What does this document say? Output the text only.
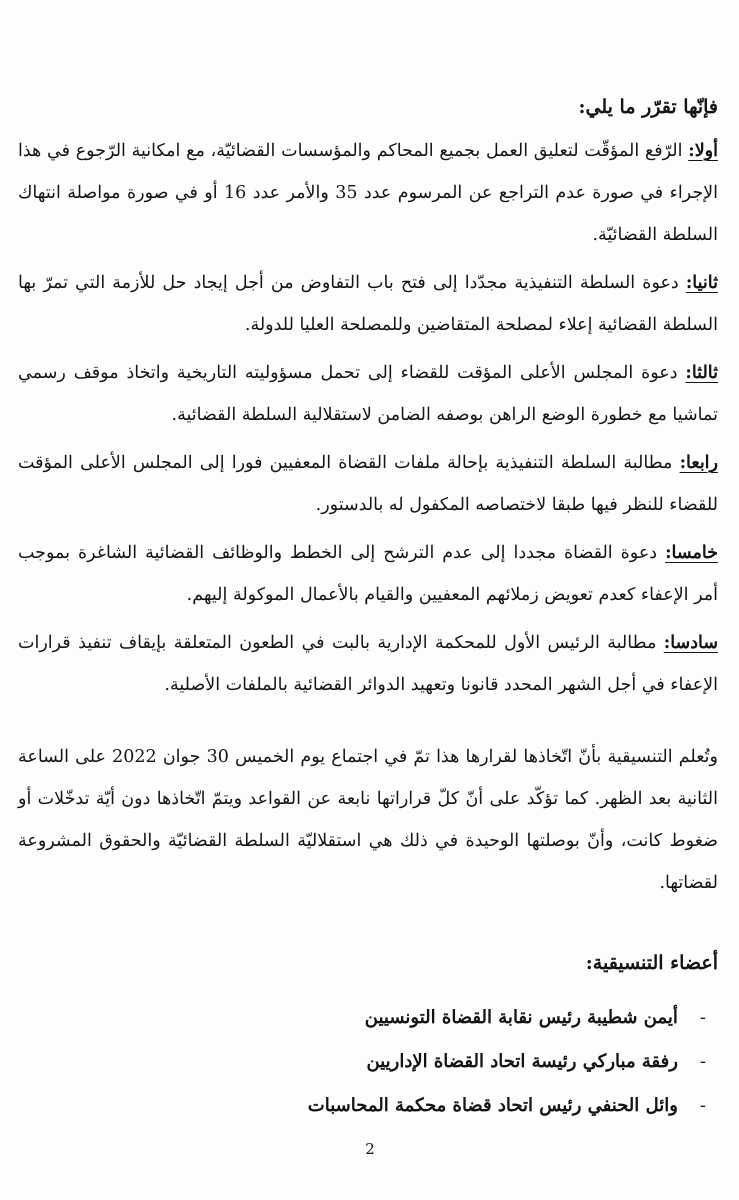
فإنّها تقرّر ما يلي:
أولا: الرّفع المؤقّت لتعليق العمل بجميع المحاكم والمؤسسات القضائيّة، مع امكانية الرّجوع في هذا الإجراء في صورة عدم التراجع عن المرسوم عدد 35 والأمر عدد 16 أو في صورة مواصلة انتهاك السلطة القضائيّة.
ثانيا: دعوة السلطة التنفيذية مجدّدا إلى فتح باب التفاوض من أجل إيجاد حل للأزمة التي تمرّ بها السلطة القضائية إعلاء لمصلحة المتقاضين وللمصلحة العليا للدولة.
ثالثا: دعوة المجلس الأعلى المؤقت للقضاء إلى تحمل مسؤوليته التاريخية واتخاذ موقف رسمي تماشيا مع خطورة الوضع الراهن بوصفه الضامن لاستقلالية السلطة القضائية.
رابعا: مطالبة السلطة التنفيذية بإحالة ملفات القضاة المعفيين فورا إلى المجلس الأعلى المؤقت للقضاء للنظر فيها طبقا لاختصاصه المكفول له بالدستور.
خامسا: دعوة القضاة مجددا إلى عدم الترشح إلى الخطط والوظائف القضائية الشاغرة بموجب أمر الإعفاء كعدم تعويض زملائهم المعفيين والقيام بالأعمال الموكولة إليهم.
سادسا: مطالبة الرئيس الأول للمحكمة الإدارية بالبت في الطعون المتعلقة بإيقاف تنفيذ قرارات الإعفاء في أجل الشهر المحدد قانونا وتعهيد الدوائر القضائية بالملفات الأصلية.

وتُعلم التنسيقية بأنّ اتّخاذها لقرارها هذا تمّ في اجتماع يوم الخميس 30 جوان 2022 على الساعة الثانية بعد الظهر. كما تؤكّد على أنّ كلّ قراراتها نابعة عن القواعد ويتمّ اتّخاذها دون أيّة تدخّلات أو ضغوط كانت، وأنّ بوصلتها الوحيدة في ذلك هي استقلاليّة السلطة القضائيّة والحقوق المشروعة لقضاتها.

أعضاء التنسيقية:
-
أيمن شطيبة رئيس نقابة القضاة التونسيين
-
رفقة مباركي رئيسة اتحاد القضاة الإداريين
-
وائل الحنفي رئيس اتحاد قضاة محكمة المحاسبات
2
